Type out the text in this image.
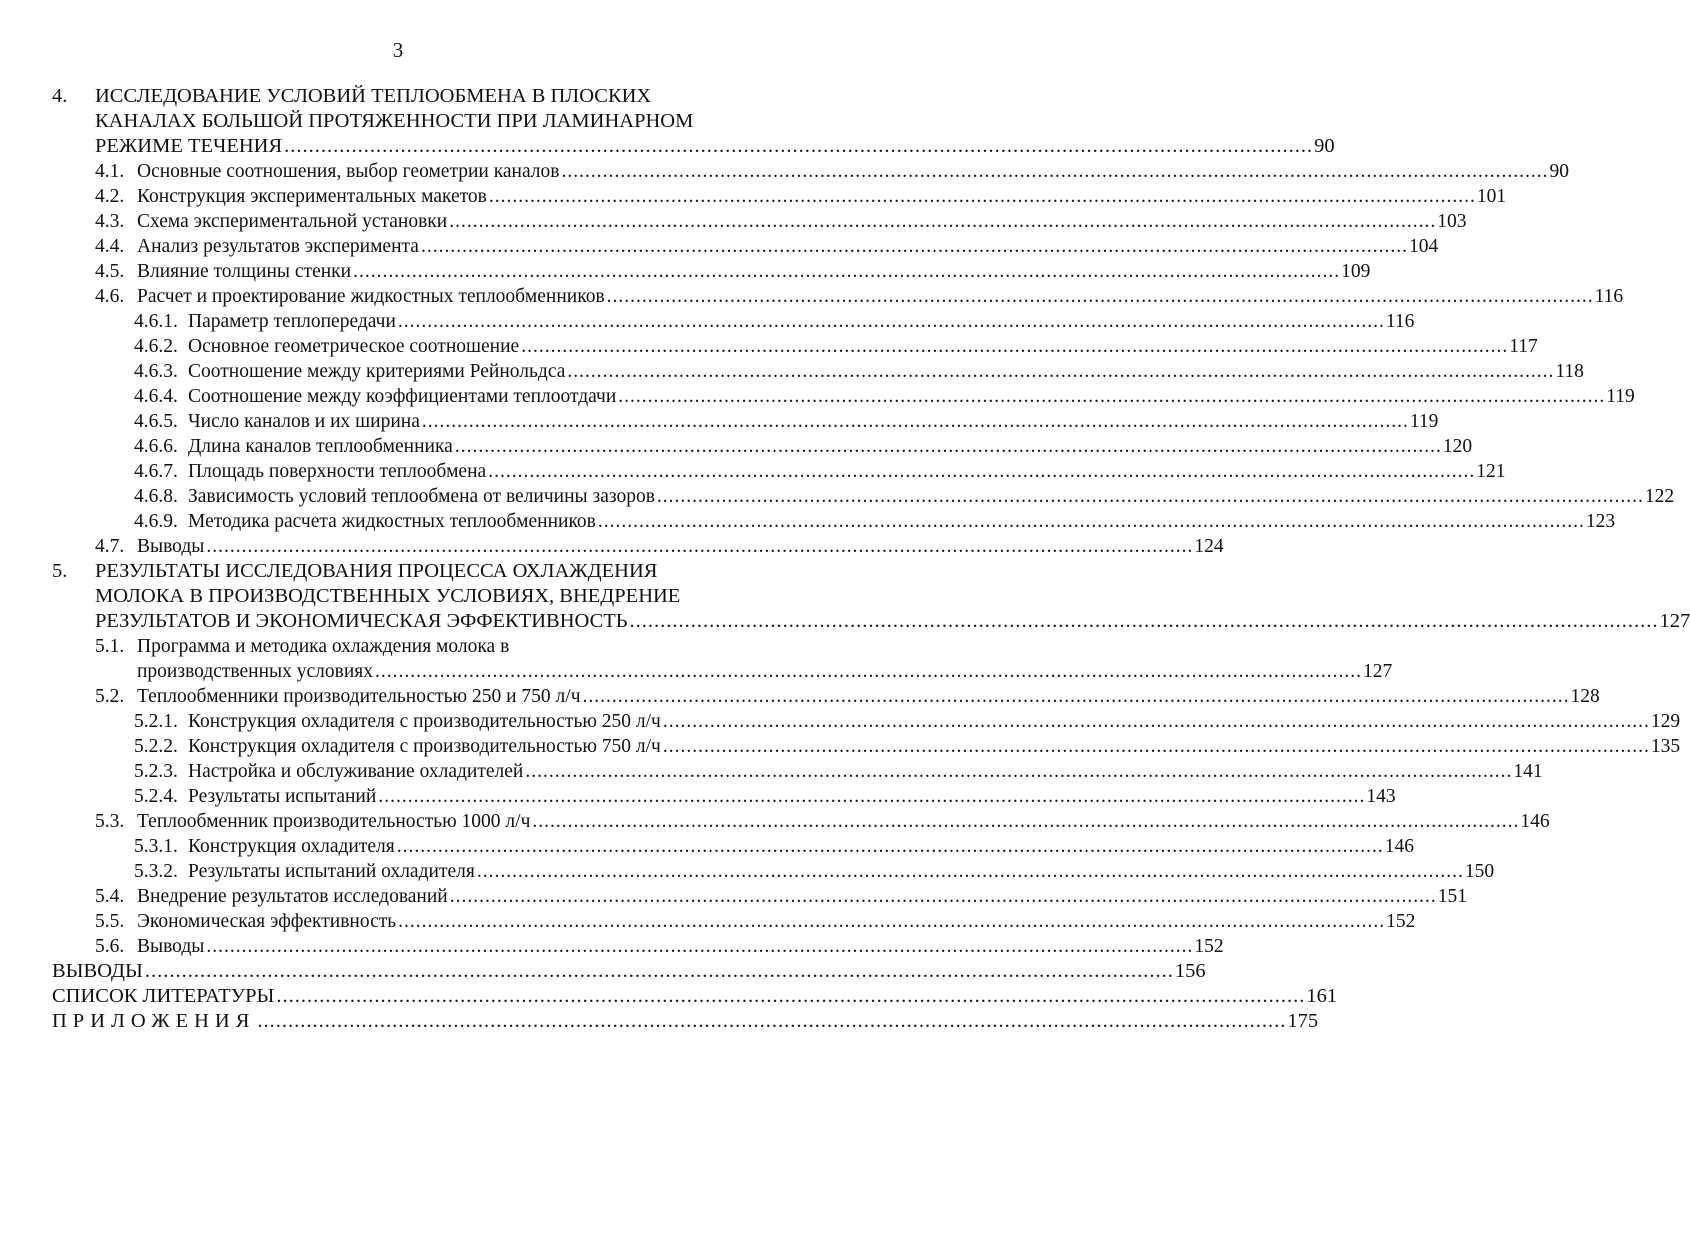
3
4. ИССЛЕДОВАНИЕ УСЛОВИЙ ТЕПЛООБМЕНА В ПЛОСКИХ
КАНАЛАХ БОЛЬШОЙ ПРОТЯЖЕННОСТИ ПРИ ЛАМИНАРНОМ
РЕЖИМЕ ТЕЧЕНИЯ ........................................................................................................................................................................ 90
4.1. Основные соотношения, выбор геометрии каналов ........................................................................................................................................................................ 90
4.2. Конструкция экспериментальных макетов ........................................................................................................................................................................ 101
4.3. Схема экспериментальной установки ........................................................................................................................................................................ 103
4.4. Анализ результатов эксперимента ........................................................................................................................................................................ 104
4.5. Влияние толщины стенки ........................................................................................................................................................................ 109
4.6. Расчет и проектирование жидкостных теплообменников ........................................................................................................................................................................ 116
4.6.1. Параметр теплопередачи ........................................................................................................................................................................ 116
4.6.2. Основное геометрическое соотношение ........................................................................................................................................................................ 117
4.6.3. Соотношение между критериями Рейнольдса ........................................................................................................................................................................ 118
4.6.4. Соотношение между коэффициентами теплоотдачи ........................................................................................................................................................................ 119
4.6.5. Число каналов и их ширина ........................................................................................................................................................................ 119
4.6.6. Длина каналов теплообменника ........................................................................................................................................................................ 120
4.6.7. Площадь поверхности теплообмена ........................................................................................................................................................................ 121
4.6.8. Зависимость условий теплообмена от величины зазоров ........................................................................................................................................................................ 122
4.6.9. Методика расчета жидкостных теплообменников ........................................................................................................................................................................ 123
4.7. Выводы ........................................................................................................................................................................ 124
5. РЕЗУЛЬТАТЫ ИССЛЕДОВАНИЯ ПРОЦЕССА ОХЛАЖДЕНИЯ
МОЛОКА В ПРОИЗВОДСТВЕННЫХ УСЛОВИЯХ, ВНЕДРЕНИЕ
РЕЗУЛЬТАТОВ И ЭКОНОМИЧЕСКАЯ ЭФФЕКТИВНОСТЬ ........................................................................................................................................................................ 127
5.1. Программа и методика охлаждения молока в
производственных условиях ........................................................................................................................................................................ 127
5.2. Теплообменники производительностью 250 и 750 л/ч ........................................................................................................................................................................ 128
5.2.1. Конструкция охладителя с производительностью 250 л/ч ........................................................................................................................................................................ 129
5.2.2. Конструкция охладителя с производительностью 750 л/ч ........................................................................................................................................................................ 135
5.2.3. Настройка и обслуживание охладителей ........................................................................................................................................................................ 141
5.2.4. Результаты испытаний ........................................................................................................................................................................ 143
5.3. Теплообменник производительностью 1000 л/ч ........................................................................................................................................................................ 146
5.3.1. Конструкция охладителя ........................................................................................................................................................................ 146
5.3.2. Результаты испытаний охладителя ........................................................................................................................................................................ 150
5.4. Внедрение результатов исследований ........................................................................................................................................................................ 151
5.5. Экономическая эффективность ........................................................................................................................................................................ 152
5.6. Выводы ........................................................................................................................................................................ 152
ВЫВОДЫ ........................................................................................................................................................................ 156
СПИСОК ЛИТЕРАТУРЫ ........................................................................................................................................................................ 161
ПРИЛОЖЕНИЯ ........................................................................................................................................................................ 175
